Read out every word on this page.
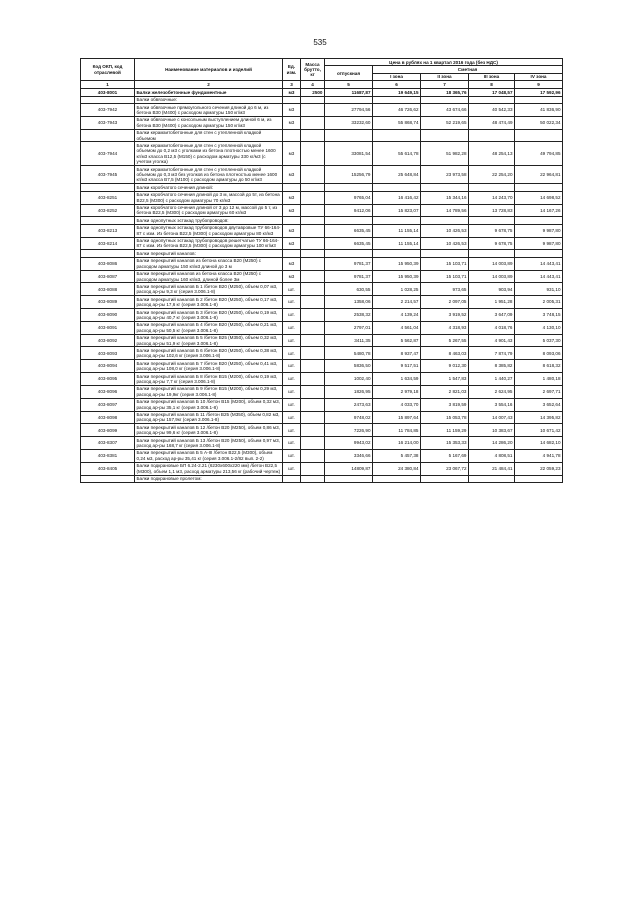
535
Код ОКП, код отраслевой	Наименование материалов и изделий	Ед. изм.	Масса брутто, кг	Цена в рублях на 1 квартал 2016 года (без НДС)				
				отпускная	Сметная			
					I зона	II зона	III зона	IV зона
1	2	3	4	5	6	7	8	9
403-8001	Балки железобетонные фундаментные	м3	2500	11687,87	19 649,15	18 365,76	17 048,57	17 592,96
	Балки обвязочные:							
403-7942	Балки обвязочные прямоугольного сечения длиной до 6 м, из бетона В30 (М400) с расходом арматуры 150 кг/м3	м3		27794,56	46 726,62	43 674,66	40 542,33	41 836,90
403-7943	Балки обвязочные с консольным выступлением длиной 6 м, из бетона В30 (М400) с расходом арматуры 150 кг/м3	м3		33232,60	55 868,74	52 219,65	48 474,49	50 022,34
	Балки керамзитобетонные для стен с утепленной кладкой объемом							
403-7944	Балки керамзитобетонные для стен с утепленной кладкой объемом до 0,2 м3 с уголками из бетона плотностью менее 1600 кг/м3 класса В12,5 (М150) с расходом арматуры 330 кг/м3 (с учетом уголка)	м3		33081,54	55 614,78	51 982,28	48 254,13	49 794,85
403-7945	Балки керамзитобетонные для стен с утепленной кладкой объемом до 0,3 м3 без уголков из бетона плотностью менее 1600 кг/м3 класса В7,5 (М100) с расходом арматуры до 50 кг/м3	м3		15256,79	25 648,84	23 973,58	22 254,20	22 964,81
	Балки коробчатого сечения длиной:							
403-8251	Балки коробчатого сечения длиной до 3 м, массой до 5т, из бетона В22,5 (М300) с расходом арматуры 70 кг/м3	м3		9765,04	16 416,42	15 344,16	14 243,70	14 698,52
403-8252	Балки коробчатого сечения длиной от 3 до 12 м, массой до 5 т, из бетона В22,5 (М300) с расходом арматуры 60 кг/м3	м3		9412,06	15 823,07	14 789,56	13 728,83	14 167,26
	Балки однопутных эстакад трубопроводов:							
403-8213	Балки однопутных эстакад трубопроводов двутавровые ТУ 66-164-87 с изм. Из бетона В22,5 (М300) с расходом арматуры 80 кг/м3	м3		6635,45	11 155,14	10 426,53	9 678,75	9 987,80
403-8214	Балки однопутных эстакад трубопроводов решетчатые ТУ 66-164-87 с изм. Из бетона В22,5 (М300) с расходом арматуры 100 кг/м3	м3		6635,45	11 155,14	10 426,53	9 678,75	9 987,80
	Балки перекрытий каналов:							
403-8086	Балки перекрытий каналов из бетона класса В20 (М250) с расходом арматуры 150 кг/м3 длиной до 3 м	м3		9781,37	15 950,39	15 103,71	14 003,89	14 443,41
403-8087	Балки перекрытий каналов из бетона класса В20 (М250) с расходом арматуры 160 кг/м3, длиной более 3м	м3		9781,37	15 950,39	15 103,71	14 003,89	14 443,41
403-8088	Балки перекрытий каналов Б 1 /бетон В20 (М250), объем 0,07 м3, расход ар-ры 9,3 кг (серия 3.006.1-8)	шт.		630,55	1 028,25	973,65	903,94	931,10
403-8089	Балки перекрытий каналов Б 2 /бетон В20 (М250), объем 0,17 м3, расход ар-ры 17,6 кг (серия 3.006.1-8)	шт.		1358,06	2 214,57	2 097,05	1 951,28	2 005,31
403-8090	Балки перекрытий каналов Б 3 /бетон В20 (М250), объем 0,19 м3, расход ар-ры 40,7 кг (серия 3.006.1-8)	шт.		2538,32	4 139,24	3 919,52	3 647,09	3 748,15
403-8091	Балки перекрытий каналов Б 4 /бетон В20 (М250), объем 0,21 м3, расход ар-ры 50,5 кг (серия 3.006.1-8)	шт.		2797,01	4 561,04	4 318,93	4 018,76	4 130,10
403-8092	Балки перекрытий каналов Б 5 /бетон В25 (М350), объем 0,32 м3, расход ар-ры 51,9 кг (серия 3.006.1-8)	шт.		3411,35	5 562,87	5 267,55	4 901,43	5 037,30
403-8093	Балки перекрытий каналов Б 6 /бетон В20 (М250), объем 0,38 м3, расход ар-ры 102,6 кг (серия 3.006.1-8)	шт.		5480,78	8 937,47	8 463,03	7 874,79	8 093,06
403-8094	Балки перекрытий каналов Б 7 /бетон В20 (М250), объем 0,41 м3, расход ар-ры 108,0 кг (серия 3.006.1-8)	шт.		5836,50	9 517,51	9 012,30	8 385,82	8 618,32
403-8095	Балки перекрытий каналов Б 8 /бетон В15 (М200), объем 0,19 м3, расход ар-ры 7,7 кг (серия 3.006.1-8)	шт.		1002,40	1 634,59	1 547,83	1 440,27	1 480,18
403-8096	Балки перекрытий каналов Б 9 /бетон В15 (М200), объем 0,29 м3, расход ар-ры 19,9кг (серия 3.006.1-8)	шт.		1826,95	2 979,18	2 821,03	2 624,95	2 697,71
403-8097	Балки перекрытий каналов Б 10 /бетон В15 (М200), объем 0,32 м3, расход ар-ры 35,1 кг (серия 3.006.1-8)	шт.		2473,63	4 033,70	3 819,59	3 554,16	3 652,64
403-8098	Балки перекрытий каналов Б 11 /бетон В25 (М350), объем 0,82 м3, расход ар-ры 157,9кг (серия 3.006.1-8)	шт.		9748,02	15 897,64	15 053,78	14 007,43	14 395,82
403-8099	Балки перекрытий каналов Б 12 /бетон В20 (М250), объем 0,86 м3, расход ар-ры 99,6 кг (серия 3.006.1-8)	шт.		7226,90	11 784,85	11 159,29	10 383,67	10 671,42
403-8307	Балки перекрытий каналов Б 13 /бетон В20 (М250), объем 0,97 м3, расход ар-ры 168,7 кг (серия 3.006.1-8)	шт.		9943,02	16 214,00	15 353,33	14 286,20	14 682,10
403-8381	Балки перекрытий каналов Б 5 А-III /бетон В22,5 (М300), объем 0,24 м3, расход ар-ры 35,41 кг (серия 3.006.1-2/82 вып. 2-2)	шт.		3346,66	5 457,38	5 167,69	4 808,51	4 941,78
403-8405	Балки подкрановые БП 6.24-2.21 (6230x600x220 мм) /бетон В22,5 (М300), объем 1,1 м3, расход арматуры 213,56 кг (рабочий чертеж)	шт.		14809,87	24 380,84	23 067,72	21 484,41	22 059,23
	Балки подкрановые пролетом:							
